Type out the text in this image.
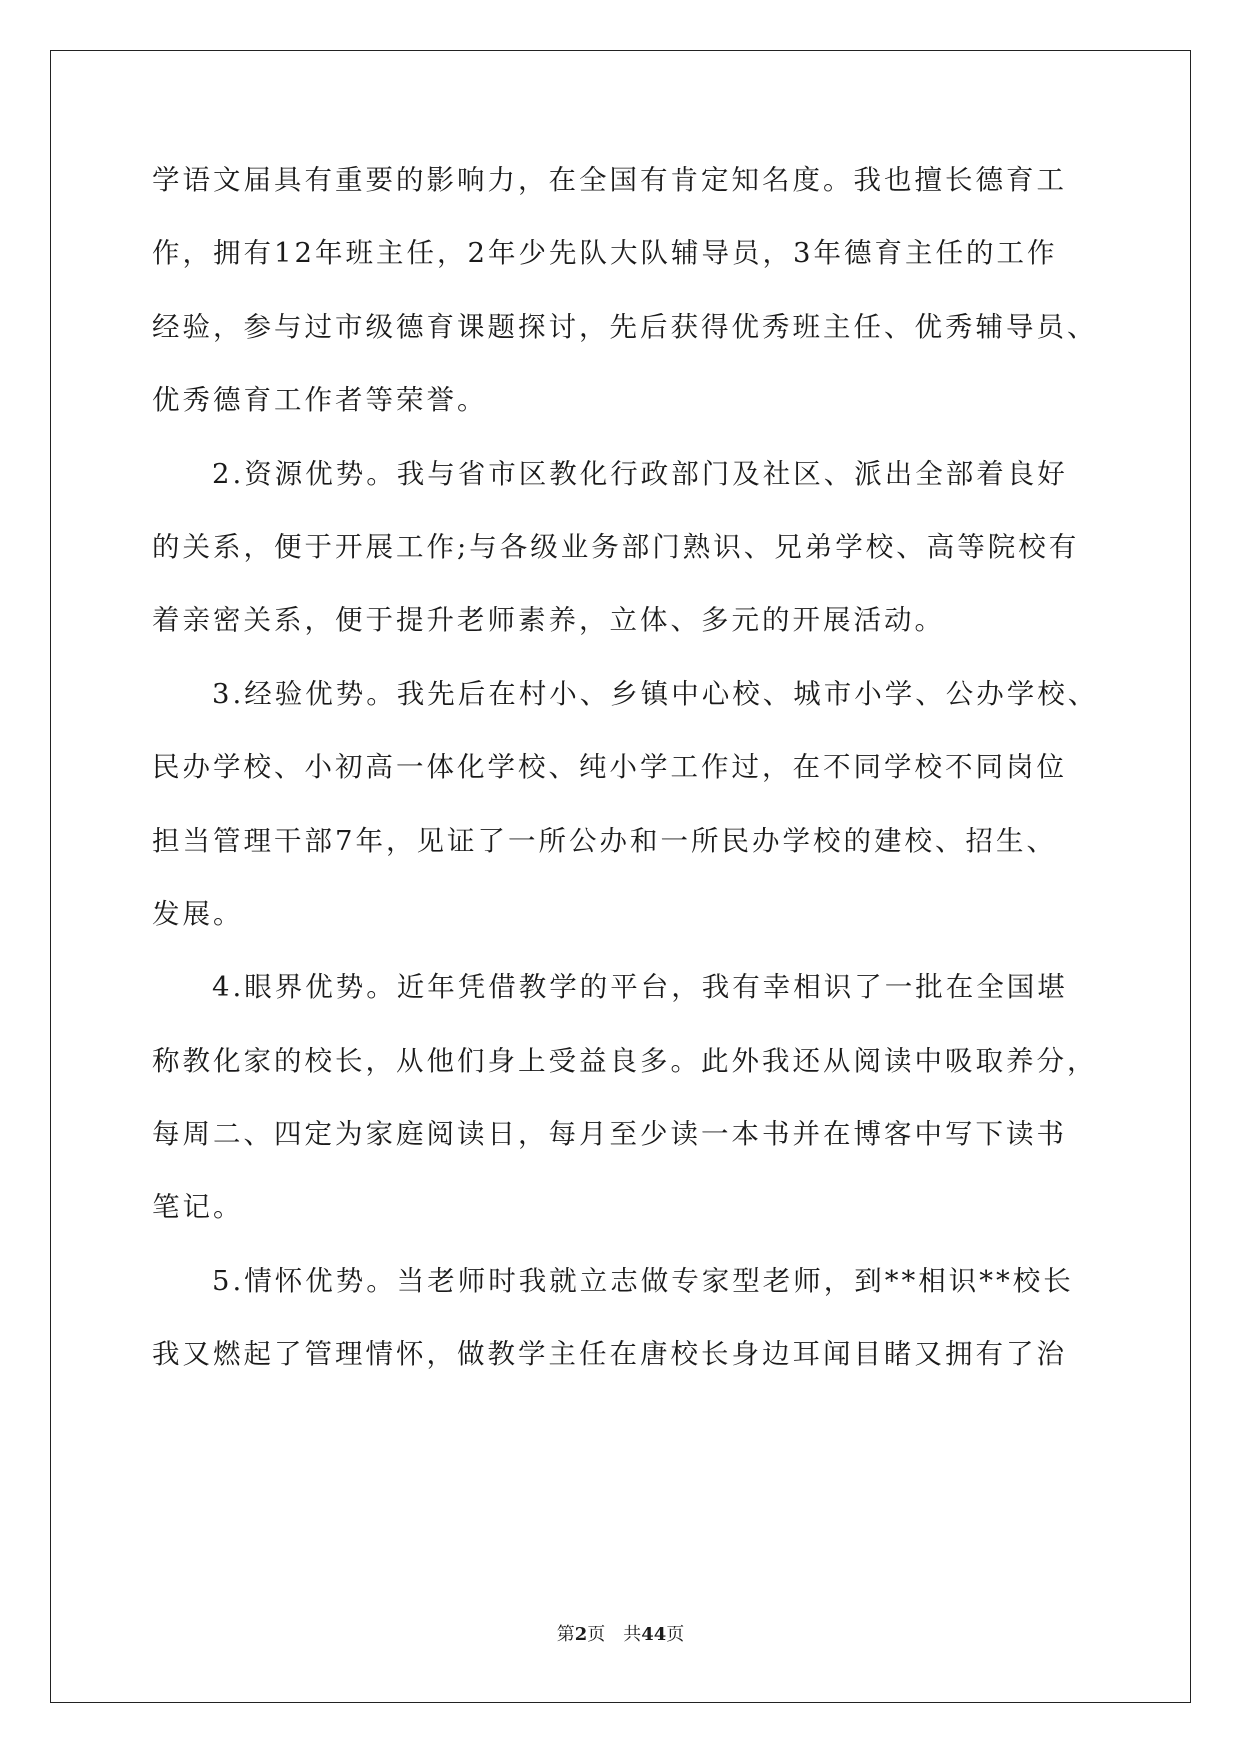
学语文届具有重要的影响力，在全国有肯定知名度。我也擅长德育工
作，拥有12年班主任，2年少先队大队辅导员，3年德育主任的工作
经验，参与过市级德育课题探讨，先后获得优秀班主任、优秀辅导员、
优秀德育工作者等荣誉。
2.资源优势。我与省市区教化行政部门及社区、派出全部着良好
的关系，便于开展工作;与各级业务部门熟识、兄弟学校、高等院校有
着亲密关系，便于提升老师素养，立体、多元的开展活动。
3.经验优势。我先后在村小、乡镇中心校、城市小学、公办学校、
民办学校、小初高一体化学校、纯小学工作过，在不同学校不同岗位
担当管理干部7年，见证了一所公办和一所民办学校的建校、招生、
发展。
4.眼界优势。近年凭借教学的平台，我有幸相识了一批在全国堪
称教化家的校长，从他们身上受益良多。此外我还从阅读中吸取养分，
每周二、四定为家庭阅读日，每月至少读一本书并在博客中写下读书
笔记。
5.情怀优势。当老师时我就立志做专家型老师，到**相识**校长
我又燃起了管理情怀，做教学主任在唐校长身边耳闻目睹又拥有了治
第2页 共44页
